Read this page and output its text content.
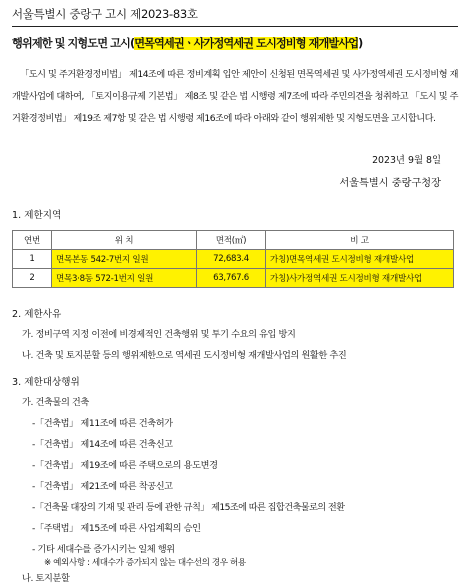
서울특별시 중랑구 고시 제2023-83호
행위제한 및 지형도면 고시(면목역세권ㆍ사가정역세권 도시정비형 재개발사업)
「도시 및 주거환경정비법」 제14조에 따른 정비계획 입안 제안이 신청된 면목역세권 및 사가정역세권 도시정비형 재개발사업에 대하여, 「토지이용규제 기본법」 제8조 및 같은 법 시행령 제7조에 따라 주민의견을 청취하고 「도시 및 주거환경정비법」 제19조 제7항 및 같은 법 시행령 제16조에 따라 아래와 같이 행위제한 및 지형도면을 고시합니다.
2023년 9월 8일
서울특별시 중랑구청장
1. 제한지역
연번	위 치	면적(㎡)	비 고
1	면목본동 542-7번지 일원	72,683.4	가칭)면목역세권 도시정비형 재개발사업
2	면목3·8동 572-1번지 일원	63,767.6	가칭)사가정역세권 도시정비형 재개발사업
2. 제한사유
가. 정비구역 지정 이전에 비경제적인 건축행위 및 투기 수요의 유입 방지
나. 건축 및 토지분할 등의 행위제한으로 역세권 도시정비형 재개발사업의 원활한 추진
3. 제한대상행위
가. 건축물의 건축
-「건축법」 제11조에 따른 건축허가
-「건축법」 제14조에 따른 건축신고
-「건축법」 제19조에 따른 주택으로의 용도변경
-「건축법」 제21조에 따른 착공신고
-「건축물 대장의 기재 및 관리 등에 관한 규칙」 제15조에 따른 집합건축물로의 전환
-「주택법」 제15조에 따른 사업계획의 승인
- 기타 세대수를 증가시키는 일체 행위
※ 예외사항 : 세대수가 증가되지 않는 대수선의 경우 허용
나. 토지분할
